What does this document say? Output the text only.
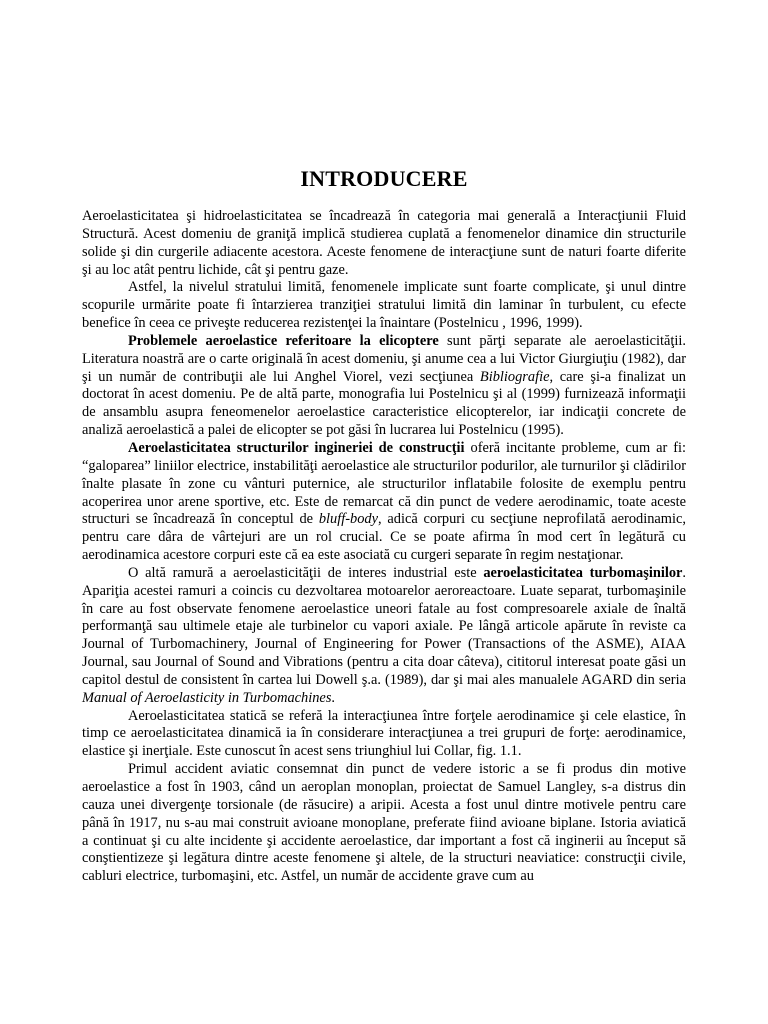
INTRODUCERE

Aeroelasticitatea şi hidroelasticitatea se încadrează în categoria mai generală a Interacţiunii Fluid Structură. Acest domeniu de graniţă implică studierea cuplată a fenomenelor dinamice din structurile solide şi din curgerile adiacente acestora. Aceste fenomene de interacţiune sunt de naturi foarte diferite şi au loc atât pentru lichide, cât şi pentru gaze.

Astfel, la nivelul stratului limită, fenomenele implicate sunt foarte complicate, şi unul dintre scopurile urmărite poate fi întarzierea tranziţiei stratului limită din laminar în turbulent, cu efecte benefice în ceea ce priveşte reducerea rezistenţei la înaintare (Postelnicu , 1996, 1999).

Problemele aeroelastice referitoare la elicoptere sunt părţi separate ale aeroelasticităţii. Literatura noastră are o carte originală în acest domeniu, şi anume cea a lui Victor Giurgiuţiu (1982), dar şi un număr de contribuţii ale lui Anghel Viorel, vezi secţiunea Bibliografie, care şi-a finalizat un doctorat în acest domeniu. Pe de altă parte, monografia lui Postelnicu şi al (1999) furnizează informaţii de ansamblu asupra feneomenelor aeroelastice caracteristice elicopterelor, iar indicaţii concrete de analiză aeroelastică a palei de elicopter se pot găsi în lucrarea lui Postelnicu (1995).

Aeroelasticitatea structurilor ingineriei de construcţii oferă incitante probleme, cum ar fi: “galoparea” liniilor electrice, instabilităţi aeroelastice ale structurilor podurilor, ale turnurilor şi clădirilor înalte plasate în zone cu vânturi puternice, ale structurilor inflatabile folosite de exemplu pentru acoperirea unor arene sportive, etc. Este de remarcat că din punct de vedere aerodinamic, toate aceste structuri se încadrează în conceptul de bluff-body, adică corpuri cu secţiune neprofilată aerodinamic, pentru care dâra de vârtejuri are un rol crucial. Ce se poate afirma în mod cert în legătură cu aerodinamica acestore corpuri este că ea este asociată cu curgeri separate în regim nestaţionar.

O altă ramură a aeroelasticităţii de interes industrial este aeroelasticitatea turbomaşinilor. Apariţia acestei ramuri a coincis cu dezvoltarea motoarelor aeroreactoare. Luate separat, turbomaşinile în care au fost observate fenomene aeroelastice uneori fatale au fost compresoarele axiale de înaltă performanţă sau ultimele etaje ale turbinelor cu vapori axiale. Pe lângă articole apărute în reviste ca Journal of Turbomachinery, Journal of Engineering for Power (Transactions of the ASME), AIAA Journal, sau Journal of Sound and Vibrations (pentru a cita doar câteva), cititorul interesat poate găsi un capitol destul de consistent în cartea lui Dowell ş.a. (1989), dar şi mai ales manualele AGARD din seria Manual of Aeroelasticity in Turbomachines.

Aeroelasticitatea statică se referă la interacţiunea între forţele aerodinamice şi cele elastice, în timp ce aeroelasticitatea dinamică ia în considerare interacţiunea a trei grupuri de forţe: aerodinamice, elastice şi inerţiale. Este cunoscut în acest sens triunghiul lui Collar, fig. 1.1.

Primul accident aviatic consemnat din punct de vedere istoric a se fi produs din motive aeroelastice a fost în 1903, când un aeroplan monoplan, proiectat de Samuel Langley, s-a distrus din cauza unei divergenţe torsionale (de răsucire) a aripii. Acesta a fost unul dintre motivele pentru care până în 1917, nu s-au mai construit avioane monoplane, preferate fiind avioane biplane. Istoria aviatică a continuat şi cu alte incidente şi accidente aeroelastice, dar important a fost că inginerii au început să conştientizeze şi legătura dintre aceste fenomene şi altele, de la structuri neaviatice: construcţii civile, cabluri electrice, turbomaşini, etc. Astfel, un număr de accidente grave cum au
